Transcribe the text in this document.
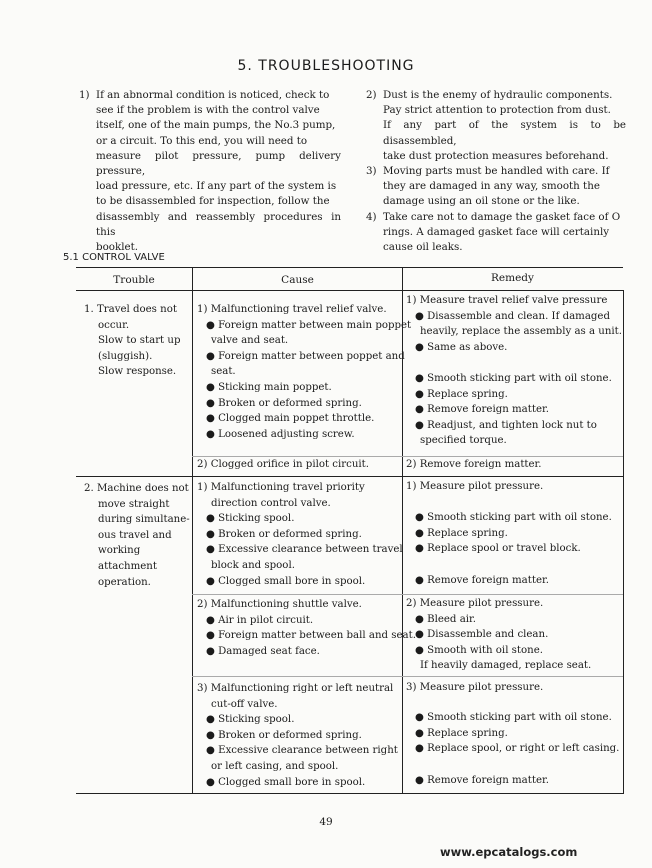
5. TROUBLESHOOTING
1) If an abnormal condition is noticed, check to
see if the problem is with the control valve
itself, one of the main pumps, the No.3 pump,
or a circuit. To this end, you will need to
measure pilot pressure, pump delivery pressure,
load pressure, etc. If any part of the system is
to be disassembled for inspection, follow the
disassembly and reassembly procedures in this
booklet.
2) Dust is the enemy of hydraulic components.
Pay strict attention to protection from dust.
If any part of the system is to be disassembled,
take dust protection measures beforehand.
3) Moving parts must be handled with care. If
they are damaged in any way, smooth the
damage using an oil stone or the like.
4) Take care not to damage the gasket face of O
rings. A damaged gasket face will certainly
cause oil leaks.
5.1 CONTROL VALVE
Trouble	Cause	Remedy
1. Travel does not
occur.
Slow to start up
(sluggish).
Slow response.
1) Malfunctioning travel relief valve.
● Foreign matter between main poppet
valve and seat.
● Foreign matter between poppet and
seat.
● Sticking main poppet.
● Broken or deformed spring.
● Clogged main poppet throttle.
● Loosened adjusting screw.
2) Clogged orifice in pilot circuit.
1) Measure travel relief valve pressure
● Disassemble and clean. If damaged
heavily, replace the assembly as a unit.
● Same as above.
● Smooth sticking part with oil stone.
● Replace spring.
● Remove foreign matter.
● Readjust, and tighten lock nut to
specified torque.
2) Remove foreign matter.
2. Machine does not
move straight
during simultane-
ous travel and
working
attachment
operation.
1) Malfunctioning travel priority
direction control valve.
● Sticking spool.
● Broken or deformed spring.
● Excessive clearance between travel
block and spool.
● Clogged small bore in spool.
1) Measure pilot pressure.
● Smooth sticking part with oil stone.
● Replace spring.
● Replace spool or travel block.
● Remove foreign matter.
2) Malfunctioning shuttle valve.
● Air in pilot circuit.
● Foreign matter between ball and seat.
● Damaged seat face.
2) Measure pilot pressure.
● Bleed air.
● Disassemble and clean.
● Smooth with oil stone.
If heavily damaged, replace seat.
3) Malfunctioning right or left neutral
cut-off valve.
● Sticking spool.
● Broken or deformed spring.
● Excessive clearance between right
or left casing, and spool.
● Clogged small bore in spool.
3) Measure pilot pressure.
● Smooth sticking part with oil stone.
● Replace spring.
● Replace spool, or right or left casing.
● Remove foreign matter.
49
www.epcatalogs.com
